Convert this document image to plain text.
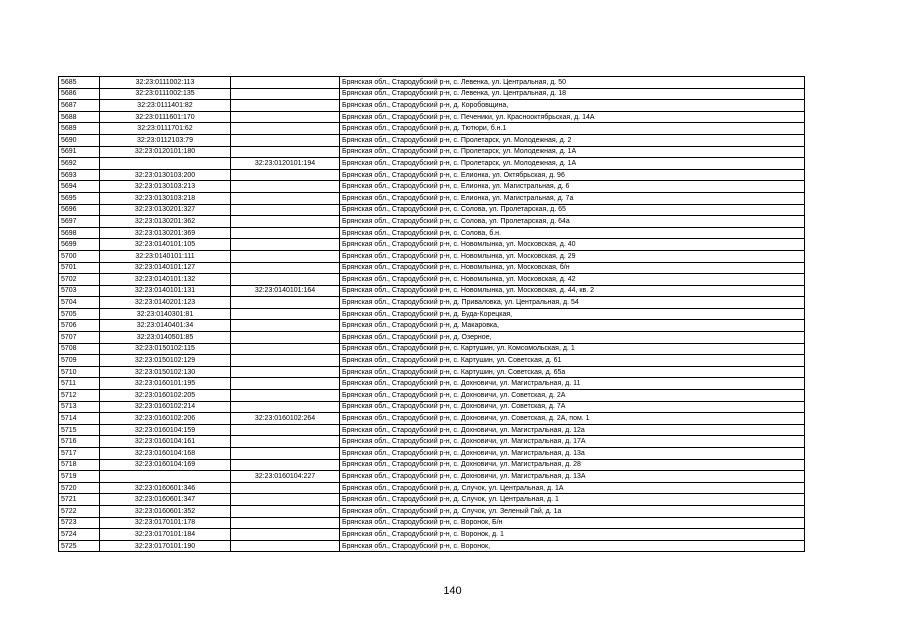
5685	32:23:0111002:113		Брянская обл., Стародубский р-н, с. Левенка, ул. Центральная, д. 50
5686	32:23:0111002:135		Брянская обл., Стародубский р-н, с. Левенка, ул. Центральная, д. 18
5687	32:23:0111401:82		Брянская обл., Стародубский р-н, д. Коробовщина,
5688	32:23:0111601:170		Брянская обл., Стародубский р-н, с. Печеники, ул. Краснооктябрьская, д. 14А
5689	32:23:0111701:62		Брянская обл., Стародубский р-н, д. Тютюри, б.н.1
5690	32:23:0112103:79		Брянская обл., Стародубский р-н, с. Пролетарск, ул. Молодежная, д. 2
5691	32:23:0120101:180		Брянская обл., Стародубский р-н, с. Пролетарск, ул. Молодежная, д. 1А
5692		32:23:0120101:194	Брянская обл., Стародубский р-н, с. Пролетарск, ул. Молодежная, д. 1А
5693	32:23:0130103:200		Брянская обл., Стародубский р-н, с. Елионка, ул. Октябрьская, д. 96
5694	32:23:0130103:213		Брянская обл., Стародубский р-н, с. Елионка, ул. Магистральная, д. 6
5695	32:23:0130103:218		Брянская обл., Стародубский р-н, с. Елионка, ул. Магистральная, д. 7а
5696	32:23:0130201:327		Брянская обл., Стародубский р-н, с. Солова, ул. Пролетарская, д. 65
5697	32:23:0130201:362		Брянская обл., Стародубский р-н, с. Солова, ул. Пролетарская, д. 64а
5698	32:23:0130201:369		Брянская обл., Стародубский р-н, с. Солова, б.н.
5699	32:23:0140101:105		Брянская обл., Стародубский р-н, с. Новомлынка, ул. Московская, д. 40
5700	32:23:0140101:111		Брянская обл., Стародубский р-н, с. Новомлынка, ул. Московская, д. 29
5701	32:23:0140101:127		Брянская обл., Стародубский р-н, с. Новомлынка, ул. Московская, б/н
5702	32:23:0140101:132		Брянская обл., Стародубский р-н, с. Новомлынка, ул. Московская, д. 42
5703	32:23:0140101:131	32:23:0140101:164	Брянская обл., Стародубский р-н, с. Новомлынка, ул. Московская, д. 44, кв. 2
5704	32:23:0140201:123		Брянская обл., Стародубский р-н, д. Приваловка, ул. Центральная, д. 54
5705	32:23:0140301:81		Брянская обл., Стародубский р-н, д. Буда-Корецкая,
5706	32:23:0140401:34		Брянская обл., Стародубский р-н, д. Макаровка,
5707	32:23:0140501:85		Брянская обл., Стародубский р-н, д. Озерное,
5708	32:23:0150102:115		Брянская обл., Стародубский р-н, с. Картушин, ул. Комсомольская, д. 1
5709	32:23:0150102:129		Брянская обл., Стародубский р-н, с. Картушин, ул. Советская, д. 61
5710	32:23:0150102:130		Брянская обл., Стародубский р-н, с. Картушин, ул. Советская, д. 65а
5711	32:23:0160101:195		Брянская обл., Стародубский р-н, с. Дохновичи, ул. Магистральная, д. 11
5712	32:23:0160102:205		Брянская обл., Стародубский р-н, с. Дохновичи, ул. Советская, д. 2А
5713	32:23:0160102:214		Брянская обл., Стародубский р-н, с. Дохновичи, ул. Советская, д. 7А
5714	32:23:0160102:206	32:23:0160102:264	Брянская обл., Стародубский р-н, с. Дохновичи, ул. Советская, д. 2А, пом. 1
5715	32:23:0160104:159		Брянская обл., Стародубский р-н, с. Дохновичи, ул. Магистральная, д. 12а
5716	32:23:0160104:161		Брянская обл., Стародубский р-н, с. Дохновичи, ул. Магистральная, д. 17А
5717	32:23:0160104:168		Брянская обл., Стародубский р-н, с. Дохновичи, ул. Магистральная, д. 13а
5718	32:23:0160104:169		Брянская обл., Стародубский р-н, с. Дохновичи, ул. Магистральная, д. 28
5719		32:23:0160104:227	Брянская обл., Стародубский р-н, с. Дохновичи, ул. Магистральная, д. 13А
5720	32:23:0160601:346		Брянская обл., Стародубский р-н, д. Случок, ул. Центральная, д. 1А
5721	32:23:0160601:347		Брянская обл., Стародубский р-н, д. Случок, ул. Центральная, д. 1
5722	32:23:0160601:352		Брянская обл., Стародубский р-н, д. Случок, ул. Зеленый Гай, д. 1а
5723	32:23:0170101:178		Брянская обл., Стародубский р-н, с. Воронок, Б/н
5724	32:23:0170101:184		Брянская обл., Стародубский р-н, с. Воронок, д. 1
5725	32:23:0170101:190		Брянская обл., Стародубский р-н, с. Воронок,
140
